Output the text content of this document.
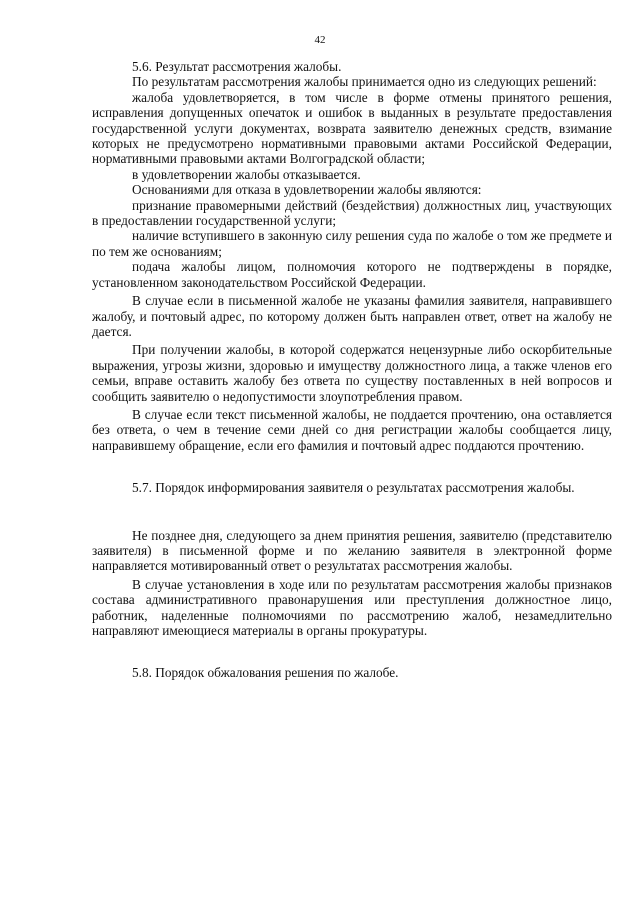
42

5.6. Результат рассмотрения жалобы.

По результатам рассмотрения жалобы принимается одно из следующих решений:

жалоба удовлетворяется, в том числе в форме отмены принятого решения, исправления допущенных опечаток и ошибок в выданных в результате предоставления государственной услуги документах, возврата заявителю денежных средств, взимание которых не предусмотрено нормативными правовыми актами Российской Федерации, нормативными правовыми актами Волгоградской области;

в удовлетворении жалобы отказывается.

Основаниями для отказа в удовлетворении жалобы являются:

признание правомерными действий (бездействия) должностных лиц, участвующих в предоставлении государственной услуги;

наличие вступившего в законную силу решения суда по жалобе о том же предмете и по тем же основаниям;

подача жалобы лицом, полномочия которого не подтверждены в порядке, установленном законодательством Российской Федерации.

В случае если в письменной жалобе не указаны фамилия заявителя, направившего жалобу, и почтовый адрес, по которому должен быть направлен ответ, ответ на жалобу не дается.

При получении жалобы, в которой содержатся нецензурные либо оскорбительные выражения, угрозы жизни, здоровью и имуществу должностного лица, а также членов его семьи, вправе оставить жалобу без ответа по существу поставленных в ней вопросов и сообщить заявителю о недопустимости злоупотребления правом.

В случае если текст письменной жалобы, не поддается прочтению, она оставляется без ответа, о чем в течение семи дней со дня регистрации жалобы сообщается лицу, направившему обращение, если его фамилия и почтовый адрес поддаются прочтению.

5.7. Порядок информирования заявителя о результатах рассмотрения жалобы.

Не позднее дня, следующего за днем принятия решения, заявителю (представителю заявителя) в письменной форме и по желанию заявителя в электронной форме направляется мотивированный ответ о результатах рассмотрения жалобы.

В случае установления в ходе или по результатам рассмотрения жалобы признаков состава административного правонарушения или преступления должностное лицо, работник, наделенные полномочиями по рассмотрению жалоб, незамедлительно направляют имеющиеся материалы в органы прокуратуры.

5.8. Порядок обжалования решения по жалобе.
